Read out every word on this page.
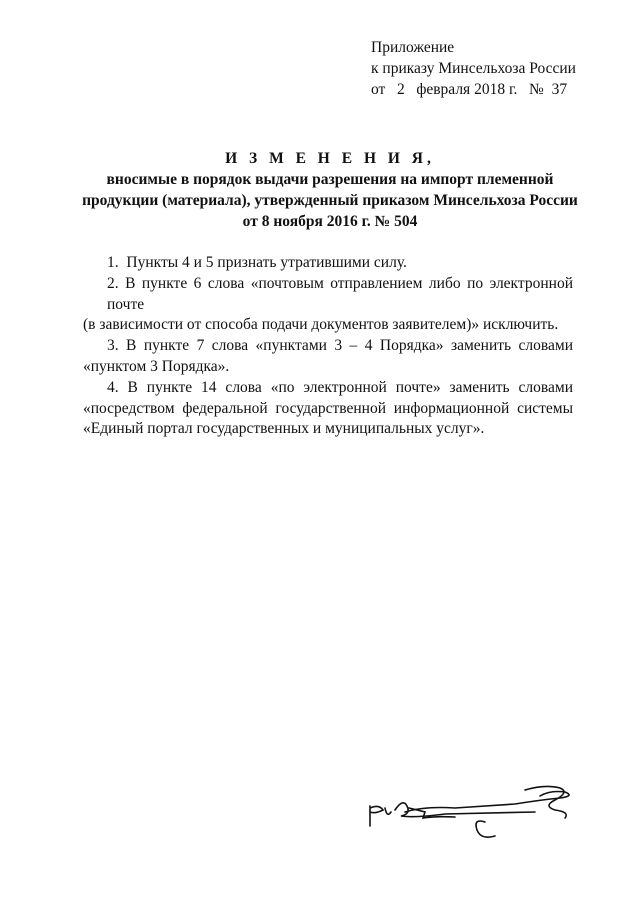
Приложение
к приказу Минсельхоза России
от   2   февраля 2018 г.   №  37
И З М Е Н Е Н И Я,
вносимые в порядок выдачи разрешения на импорт племенной
продукции (материала), утвержденный приказом Минсельхоза России
от 8 ноября 2016 г. № 504
1.  Пункты 4 и 5 признать утратившими силу.
2. В пункте 6 слова «почтовым отправлением либо по электронной почте
(в зависимости от способа подачи документов заявителем)» исключить.
3. В пункте 7 слова «пунктами 3 – 4 Порядка» заменить словами
«пунктом 3 Порядка».
4. В пункте 14 слова «по электронной почте» заменить словами
«посредством федеральной государственной информационной системы
«Единый портал государственных и муниципальных услуг».
